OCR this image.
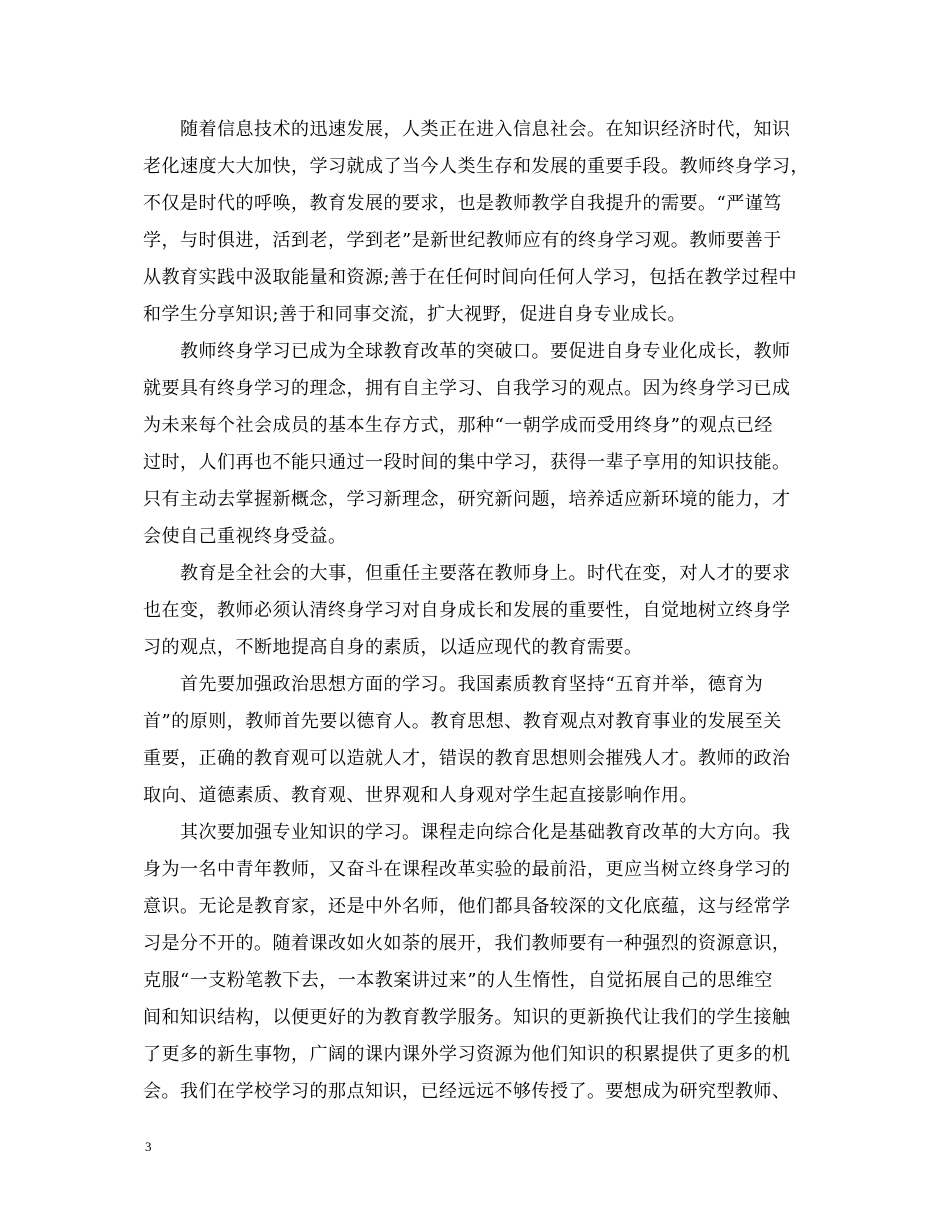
随着信息技术的迅速发展，人类正在进入信息社会。在知识经济时代，知识
老化速度大大加快，学习就成了当今人类生存和发展的重要手段。教师终身学习，
不仅是时代的呼唤，教育发展的要求，也是教师教学自我提升的需要。“严谨笃
学，与时俱进，活到老，学到老”是新世纪教师应有的终身学习观。教师要善于
从教育实践中汲取能量和资源;善于在任何时间向任何人学习，包括在教学过程中
和学生分享知识;善于和同事交流，扩大视野，促进自身专业成长。
教师终身学习已成为全球教育改革的突破口。要促进自身专业化成长，教师
就要具有终身学习的理念，拥有自主学习、自我学习的观点。因为终身学习已成
为未来每个社会成员的基本生存方式，那种“一朝学成而受用终身”的观点已经
过时，人们再也不能只通过一段时间的集中学习，获得一辈子享用的知识技能。
只有主动去掌握新概念，学习新理念，研究新问题，培养适应新环境的能力，才
会使自己重视终身受益。
教育是全社会的大事，但重任主要落在教师身上。时代在变，对人才的要求
也在变，教师必须认清终身学习对自身成长和发展的重要性，自觉地树立终身学
习的观点，不断地提高自身的素质，以适应现代的教育需要。
首先要加强政治思想方面的学习。我国素质教育坚持“五育并举，德育为
首”的原则，教师首先要以德育人。教育思想、教育观点对教育事业的发展至关
重要，正确的教育观可以造就人才，错误的教育思想则会摧残人才。教师的政治
取向、道德素质、教育观、世界观和人身观对学生起直接影响作用。
其次要加强专业知识的学习。课程走向综合化是基础教育改革的大方向。我
身为一名中青年教师，又奋斗在课程改革实验的最前沿，更应当树立终身学习的
意识。无论是教育家，还是中外名师，他们都具备较深的文化底蕴，这与经常学
习是分不开的。随着课改如火如荼的展开，我们教师要有一种强烈的资源意识，
克服“一支粉笔教下去，一本教案讲过来”的人生惰性，自觉拓展自己的思维空
间和知识结构，以便更好的为教育教学服务。知识的更新换代让我们的学生接触
了更多的新生事物，广阔的课内课外学习资源为他们知识的积累提供了更多的机
会。我们在学校学习的那点知识，已经远远不够传授了。要想成为研究型教师、
3
